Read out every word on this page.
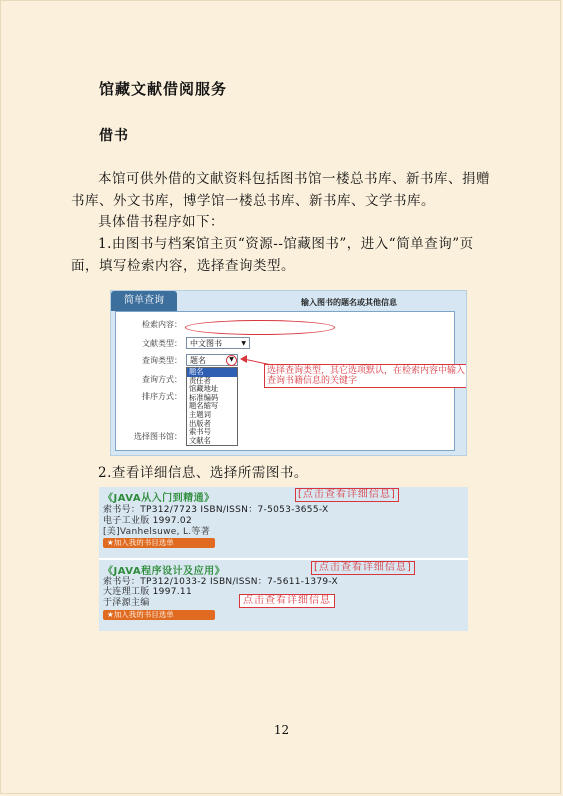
馆藏文献借阅服务
借书
本馆可供外借的文献资料包括图书馆一楼总书库、新书库、捐赠书库、外文书库，博学馆一楼总书库、新书库、文学书库。
具体借书程序如下：
1.由图书与档案馆主页“资源--馆藏图书”，进入“简单查询”页面，填写检索内容，选择查询类型。
简单查询	输入图书的题名或其他信息
检索内容：
文献类型：	中文图书	▼
查询类型：	题名	▼
查询方式：
排序方式：
选择图书馆：
题名
责任者
馆藏地址
标准编码
题名缩写
主题词
出版者
索书号
文献名
选择查询类型，其它选项默认，在检索内容中输入查询书籍信息的关键字
2.查看详细信息、选择所需图书。
《JAVA从入门到精通》	[点击查看详细信息]
索书号：TP312/7723 ISBN/ISSN：7-5053-3655-X
电子工业版 1997.02
[美]Vanhelsuwe, L.等著
★加入我的书目选单
《JAVA程序设计及应用》	[点击查看详细信息]
索书号：TP312/1033-2 ISBN/ISSN：7-5611-1379-X
大连理工版 1997.11
于泽源主编	点击查看详细信息
★加入我的书目选单
12
